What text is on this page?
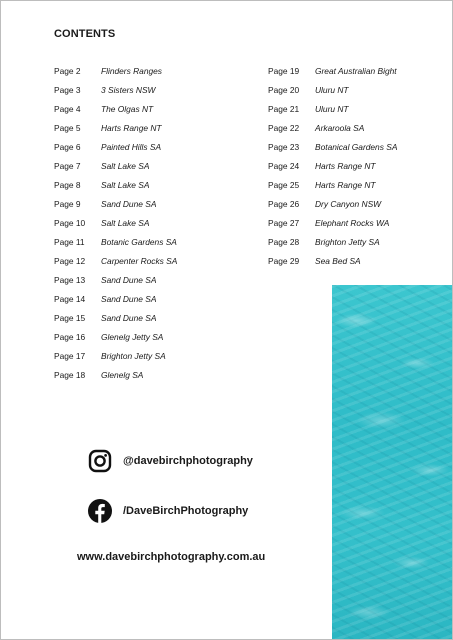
CONTENTS
Page 2	Flinders Ranges
Page 3	3 Sisters NSW
Page 4	The Olgas NT
Page 5	Harts Range NT
Page 6	Painted Hills SA
Page 7	Salt Lake SA
Page 8	Salt Lake SA
Page 9	Sand Dune SA
Page 10	Salt Lake SA
Page 11	Botanic Gardens SA
Page 12	Carpenter Rocks SA
Page 13	Sand Dune SA
Page 14	Sand Dune SA
Page 15	Sand Dune SA
Page 16	Glenelg Jetty SA
Page 17	Brighton Jetty SA
Page 18	Glenelg SA
Page 19	Great Australian Bight
Page 20	Uluru NT
Page 21	Uluru NT
Page 22	Arkaroola SA
Page 23	Botanical Gardens SA
Page 24	Harts Range NT
Page 25	Harts Range NT
Page 26	Dry Canyon NSW
Page 27	Elephant Rocks WA
Page 28	Brighton Jetty SA
Page 29	Sea Bed SA
@davebirchphotography
/DaveBirchPhotography
www.davebirchphotography.com.au
